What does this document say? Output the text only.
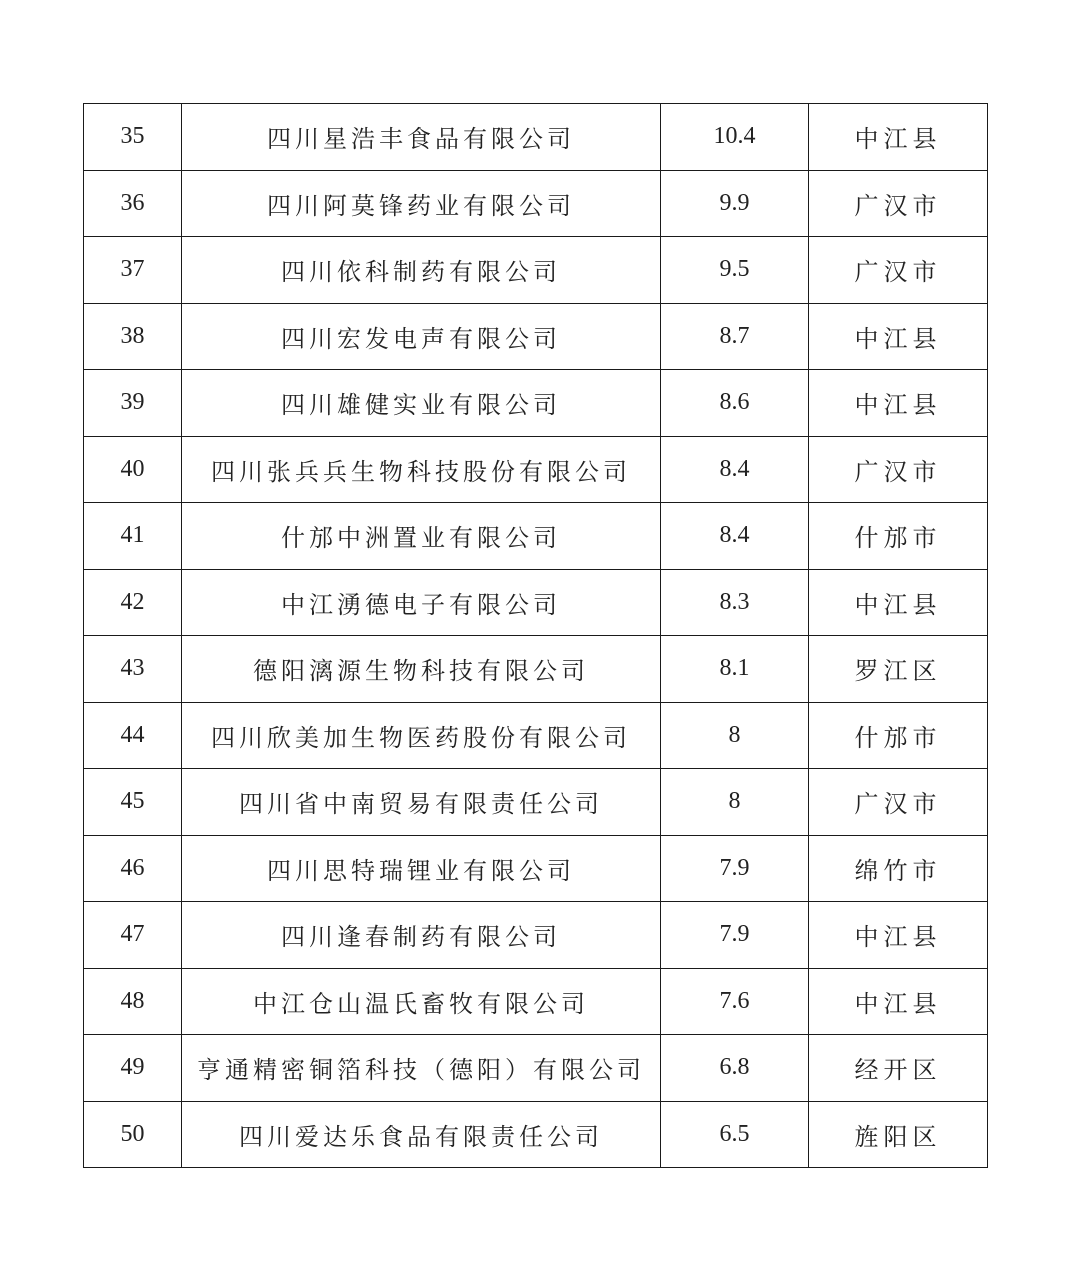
35	四川星浩丰食品有限公司	10.4	中江县
36	四川阿莫锋药业有限公司	9.9	广汉市
37	四川依科制药有限公司	9.5	广汉市
38	四川宏发电声有限公司	8.7	中江县
39	四川雄健实业有限公司	8.6	中江县
40	四川张兵兵生物科技股份有限公司	8.4	广汉市
41	什邡中洲置业有限公司	8.4	什邡市
42	中江湧德电子有限公司	8.3	中江县
43	德阳漓源生物科技有限公司	8.1	罗江区
44	四川欣美加生物医药股份有限公司	8	什邡市
45	四川省中南贸易有限责任公司	8	广汉市
46	四川思特瑞锂业有限公司	7.9	绵竹市
47	四川逢春制药有限公司	7.9	中江县
48	中江仓山温氏畜牧有限公司	7.6	中江县
49	亨通精密铜箔科技（德阳）有限公司	6.8	经开区
50	四川爱达乐食品有限责任公司	6.5	旌阳区
